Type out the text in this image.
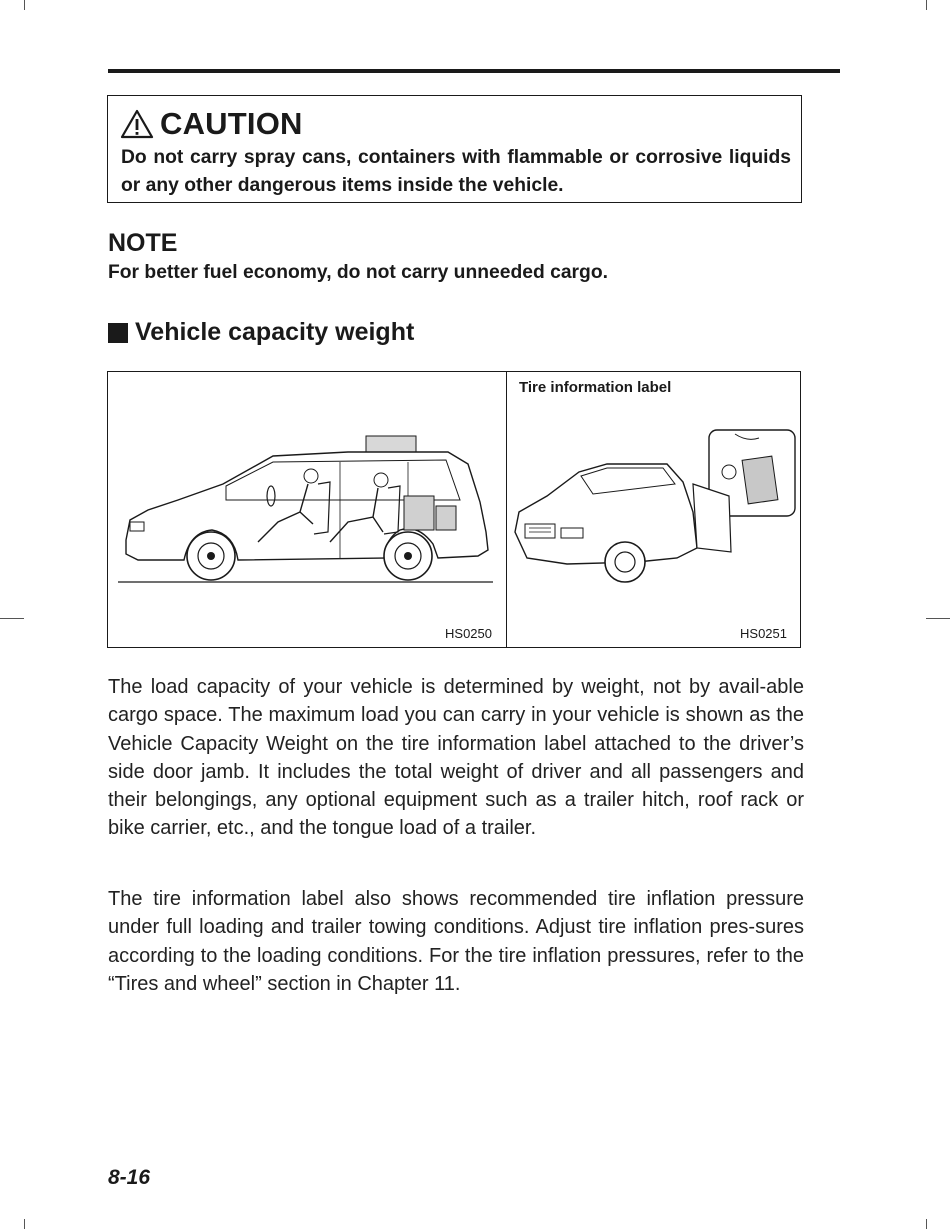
CAUTION
Do not carry spray cans, containers with flammable or corrosive liquids or any other dangerous items inside the vehicle.
NOTE
For better fuel economy, do not carry unneeded cargo.
Vehicle capacity weight
HS0250
Tire information label
HS0251
The load capacity of your vehicle is determined by weight, not by avail-able cargo space. The maximum load you can carry in your vehicle is shown as the Vehicle Capacity Weight on the tire information label attached to the driver’s side door jamb. It includes the total weight of driver and all passengers and their belongings, any optional equipment such as a trailer hitch, roof rack or bike carrier, etc., and the tongue load of a trailer.
The tire information label also shows recommended tire inflation pressure under full loading and trailer towing conditions. Adjust tire inflation pres-sures according to the loading conditions. For the tire inflation pressures, refer to the “Tires and wheel” section in Chapter 11.
8-16
